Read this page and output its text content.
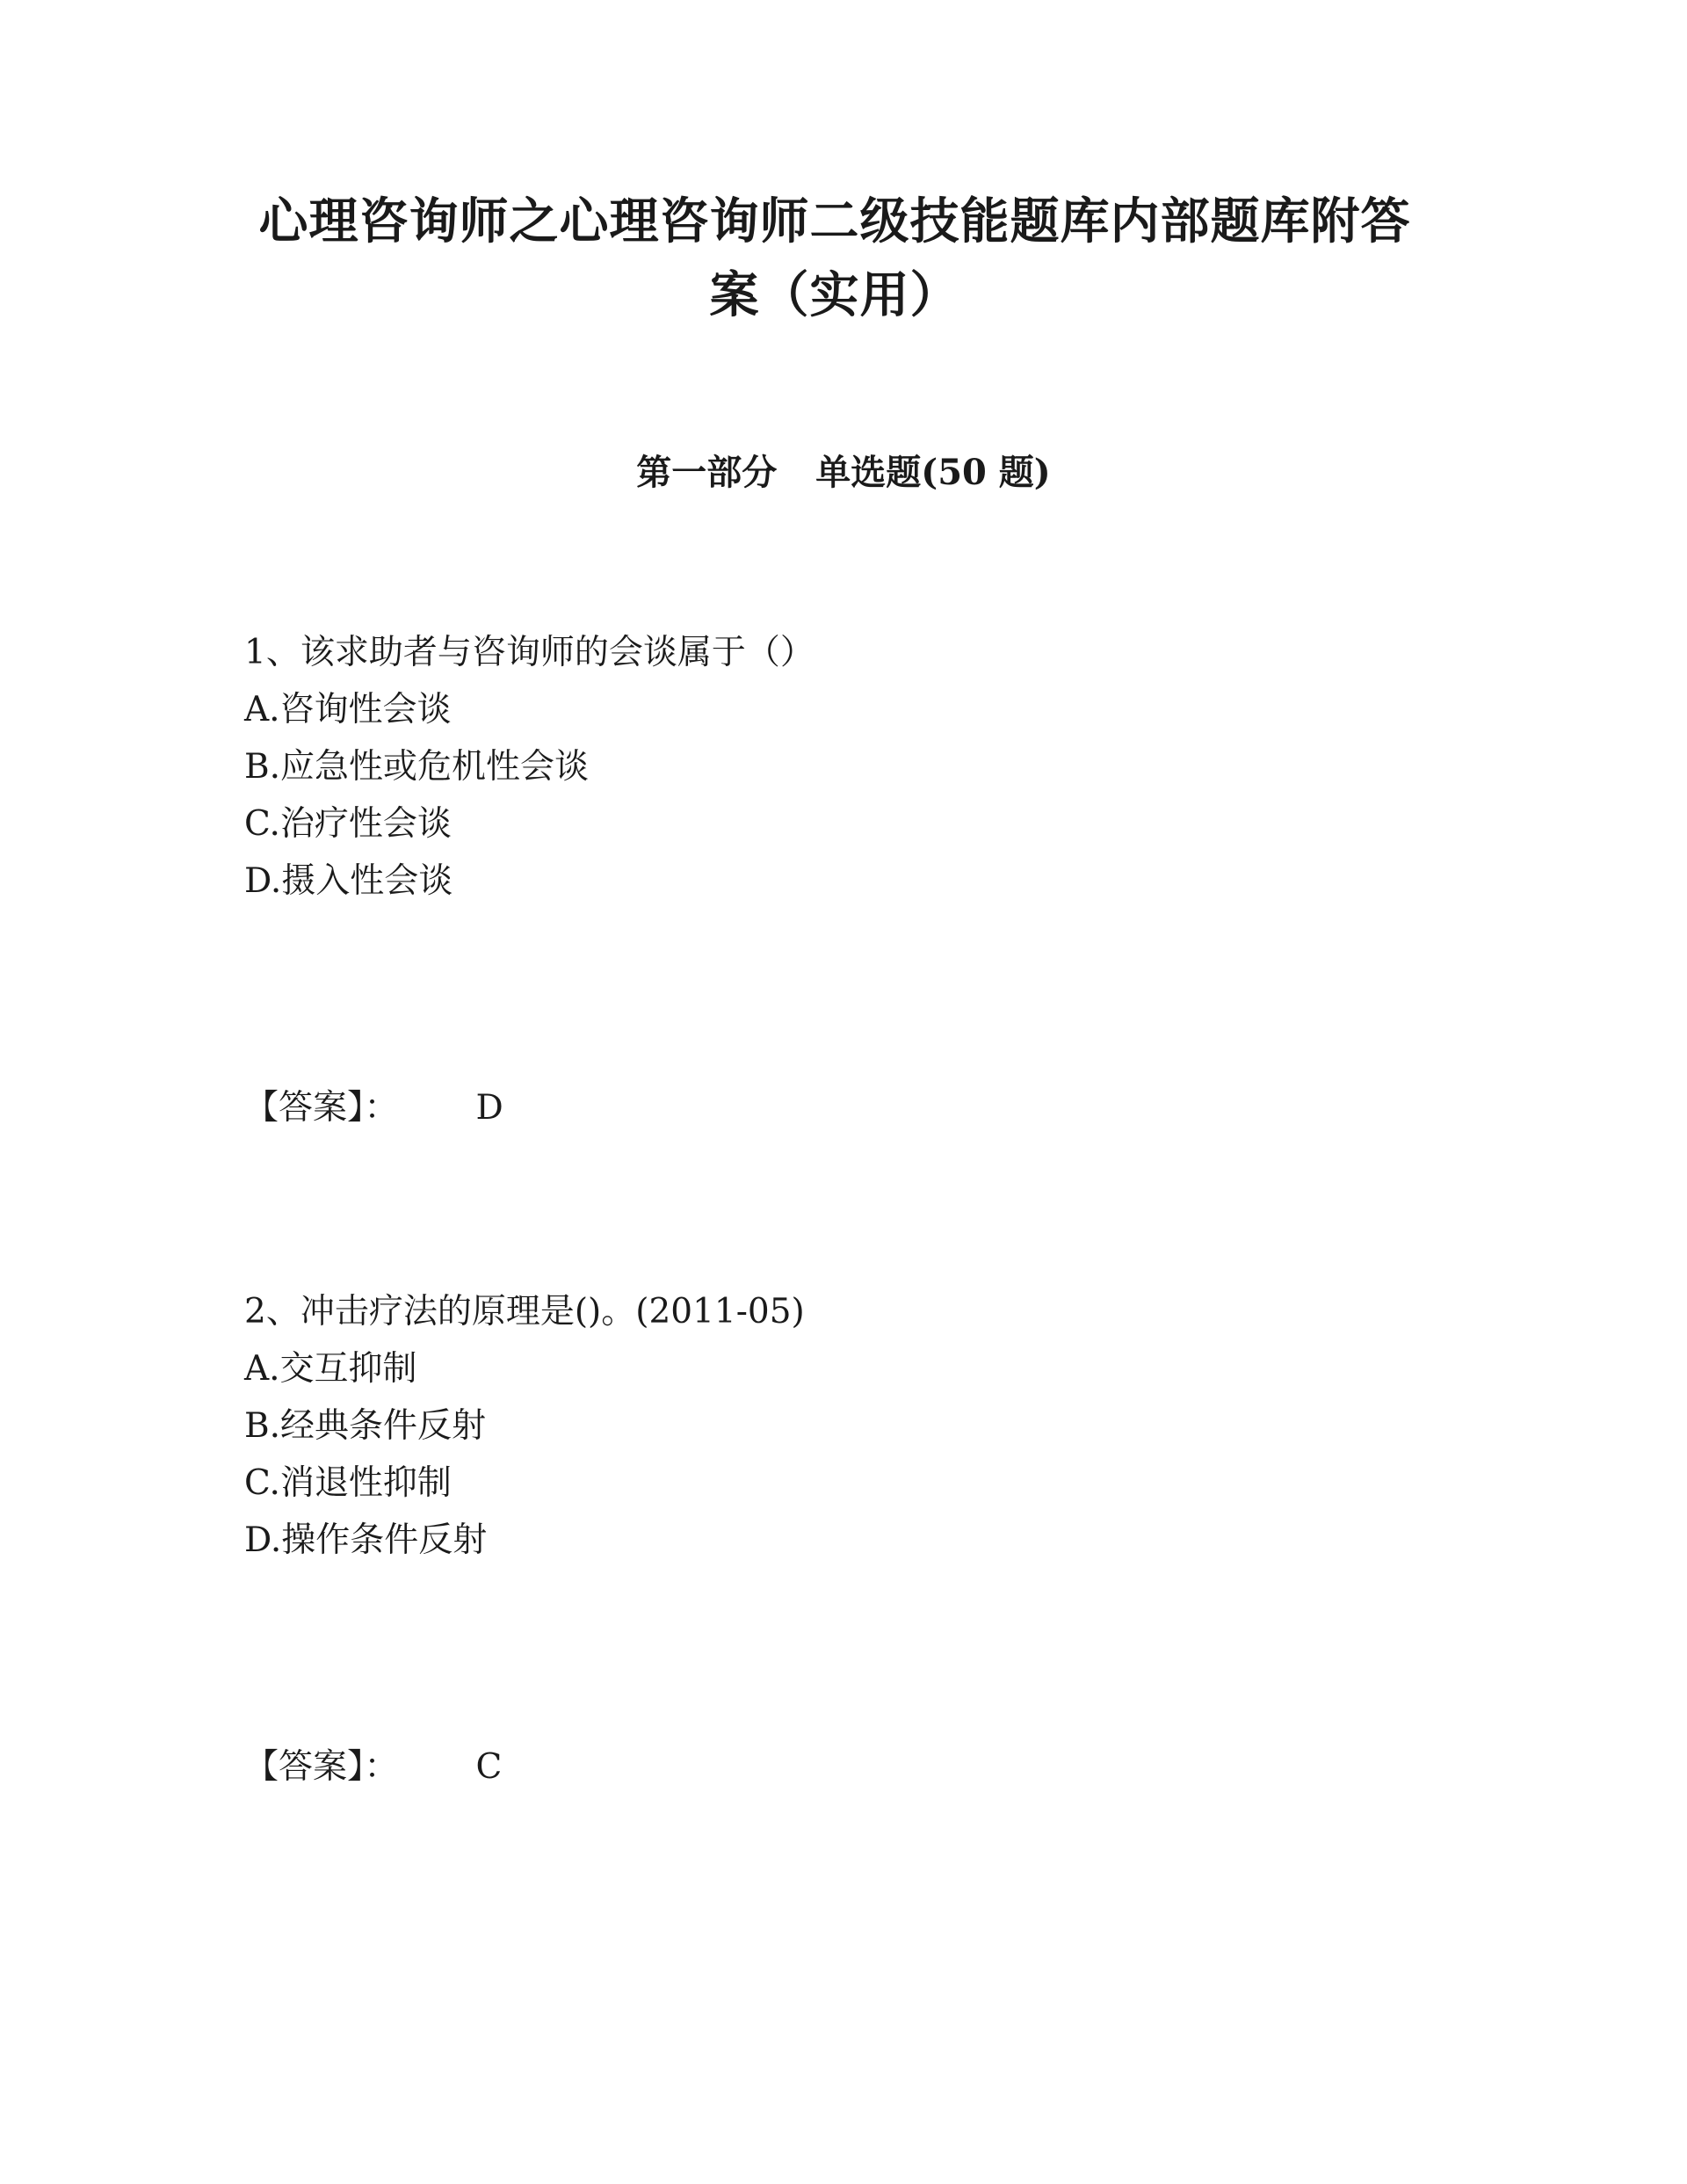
心理咨询师之心理咨询师二级技能题库内部题库附答
案（实用）
第一部分 单选题(50 题)
1、该求助者与咨询师的会谈属于（）
A.咨询性会谈
B.应急性或危机性会谈
C.治疗性会谈
D.摄入性会谈
【答案】： D
2、冲击疗法的原理是()。(2011-05)
A.交互抑制
B.经典条件反射
C.消退性抑制
D.操作条件反射
【答案】： C
